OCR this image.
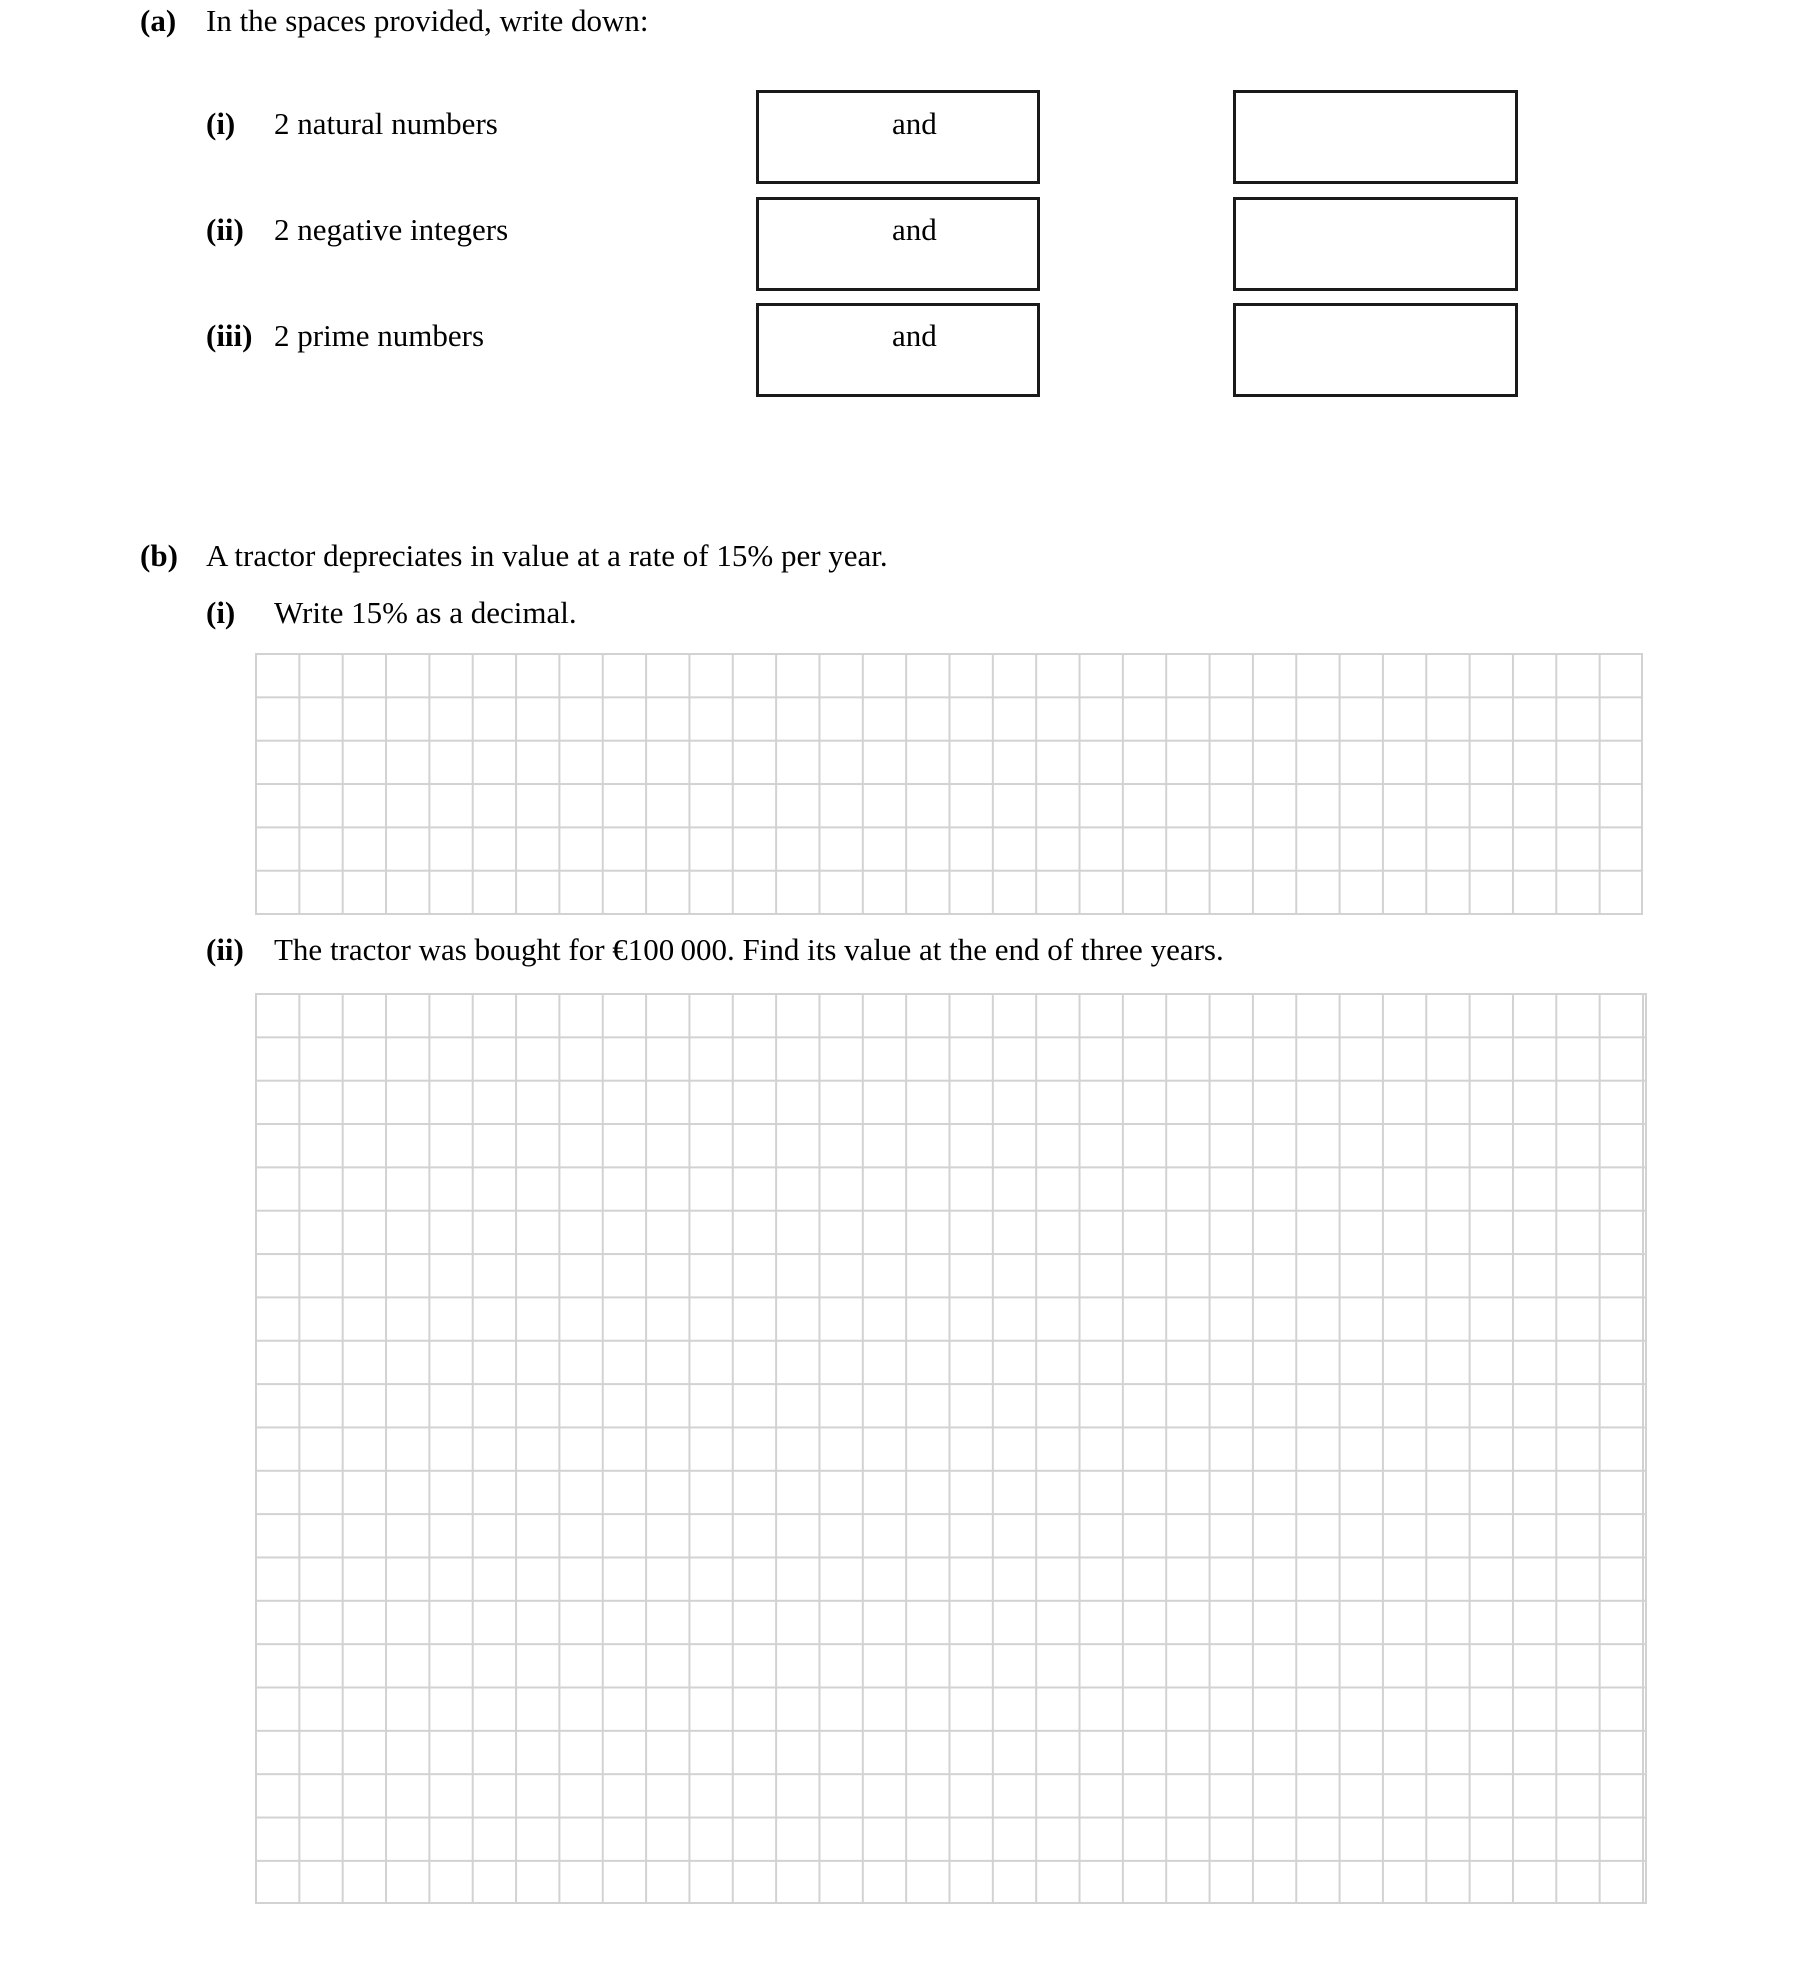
(a) In the spaces provided, write down:
(i) 2 natural numbers	and
(ii) 2 negative integers	and
(iii) 2 prime numbers	and
(b) A tractor depreciates in value at a rate of 15% per year.
(i) Write 15% as a decimal.
(ii) The tractor was bought for €100 000. Find its value at the end of three years.
